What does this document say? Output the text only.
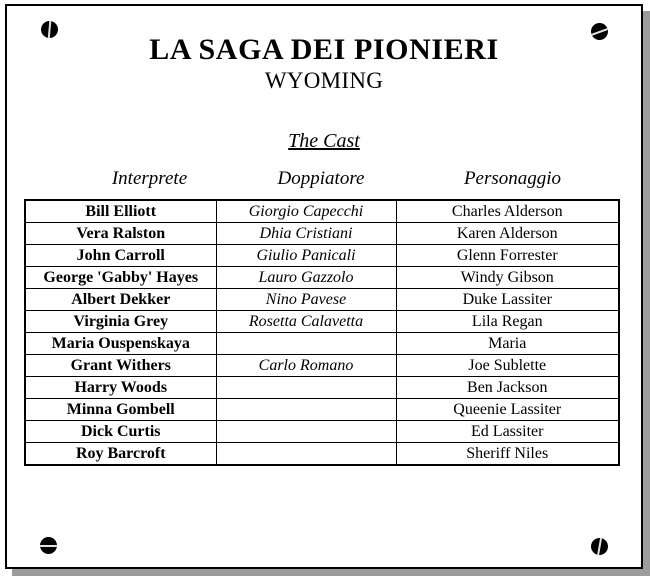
LA SAGA DEI PIONIERI
WYOMING
The Cast
Interprete	Doppiatore	Personaggio
Bill Elliott	Giorgio Capecchi	Charles Alderson
Vera Ralston	Dhia Cristiani	Karen Alderson
John Carroll	Giulio Panicali	Glenn Forrester
George 'Gabby' Hayes	Lauro Gazzolo	Windy Gibson
Albert Dekker	Nino Pavese	Duke Lassiter
Virginia Grey	Rosetta Calavetta	Lila Regan
Maria Ouspenskaya		Maria
Grant Withers	Carlo Romano	Joe Sublette
Harry Woods		Ben Jackson
Minna Gombell		Queenie Lassiter
Dick Curtis		Ed Lassiter
Roy Barcroft		Sheriff Niles
